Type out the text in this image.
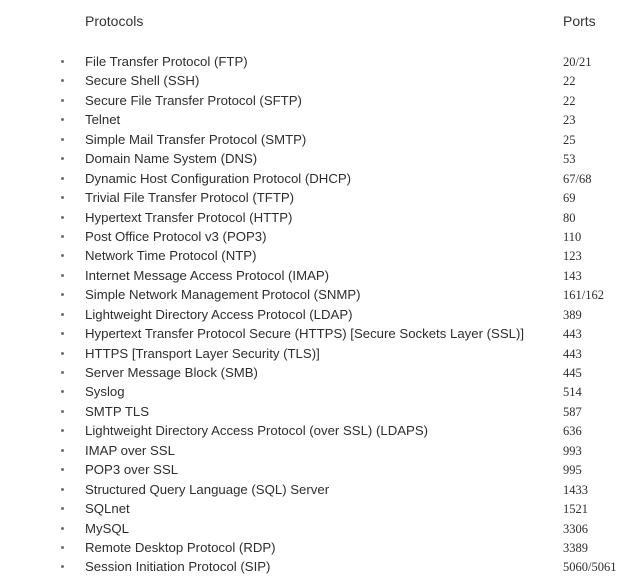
Protocols	Ports
File Transfer Protocol (FTP)	20/21
Secure Shell (SSH)	22
Secure File Transfer Protocol (SFTP)	22
Telnet	23
Simple Mail Transfer Protocol (SMTP)	25
Domain Name System (DNS)	53
Dynamic Host Configuration Protocol (DHCP)	67/68
Trivial File Transfer Protocol (TFTP)	69
Hypertext Transfer Protocol (HTTP)	80
Post Office Protocol v3 (POP3)	110
Network Time Protocol (NTP)	123
Internet Message Access Protocol (IMAP)	143
Simple Network Management Protocol (SNMP)	161/162
Lightweight Directory Access Protocol (LDAP)	389
Hypertext Transfer Protocol Secure (HTTPS) [Secure Sockets Layer (SSL)]	443
HTTPS [Transport Layer Security (TLS)]	443
Server Message Block (SMB)	445
Syslog	514
SMTP TLS	587
Lightweight Directory Access Protocol (over SSL) (LDAPS)	636
IMAP over SSL	993
POP3 over SSL	995
Structured Query Language (SQL) Server	1433
SQLnet	1521
MySQL	3306
Remote Desktop Protocol (RDP)	3389
Session Initiation Protocol (SIP)	5060/5061
